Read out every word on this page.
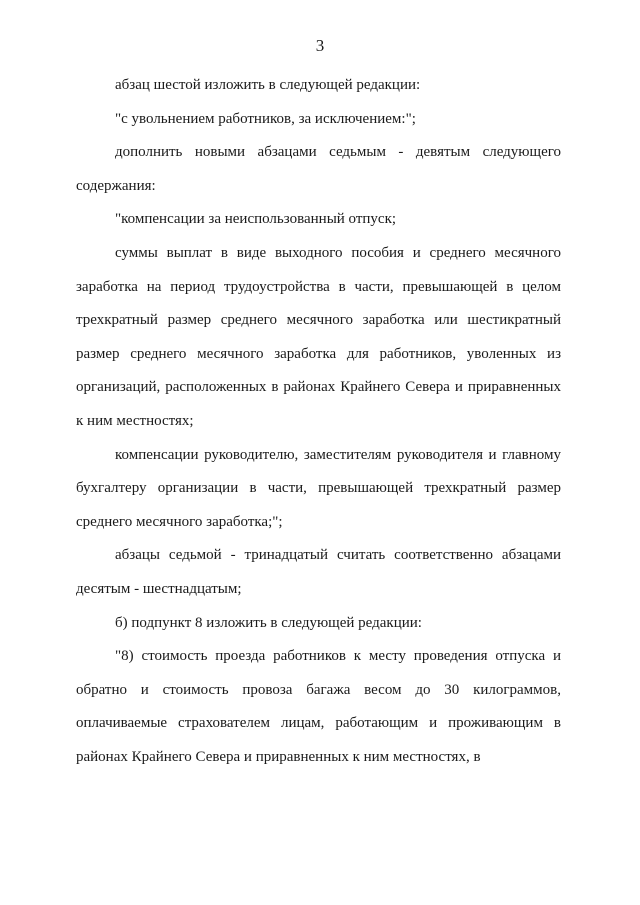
3

абзац шестой изложить в следующей редакции:

"с увольнением работников, за исключением:";

дополнить новыми абзацами седьмым - девятым следующего содержания:

"компенсации за неиспользованный отпуск;

суммы выплат в виде выходного пособия и среднего месячного заработка на период трудоустройства в части, превышающей в целом трехкратный размер среднего месячного заработка или шестикратный размер среднего месячного заработка для работников, уволенных из организаций, расположенных в районах Крайнего Севера и приравненных к ним местностях;

компенсации руководителю, заместителям руководителя и главному бухгалтеру организации в части, превышающей трехкратный размер среднего месячного заработка;";

абзацы седьмой - тринадцатый считать соответственно абзацами десятым - шестнадцатым;

б) подпункт 8 изложить в следующей редакции:

"8) стоимость проезда работников к месту проведения отпуска и обратно и стоимость провоза багажа весом до 30 килограммов, оплачиваемые страхователем лицам, работающим и проживающим в районах Крайнего Севера и приравненных к ним местностях, в
